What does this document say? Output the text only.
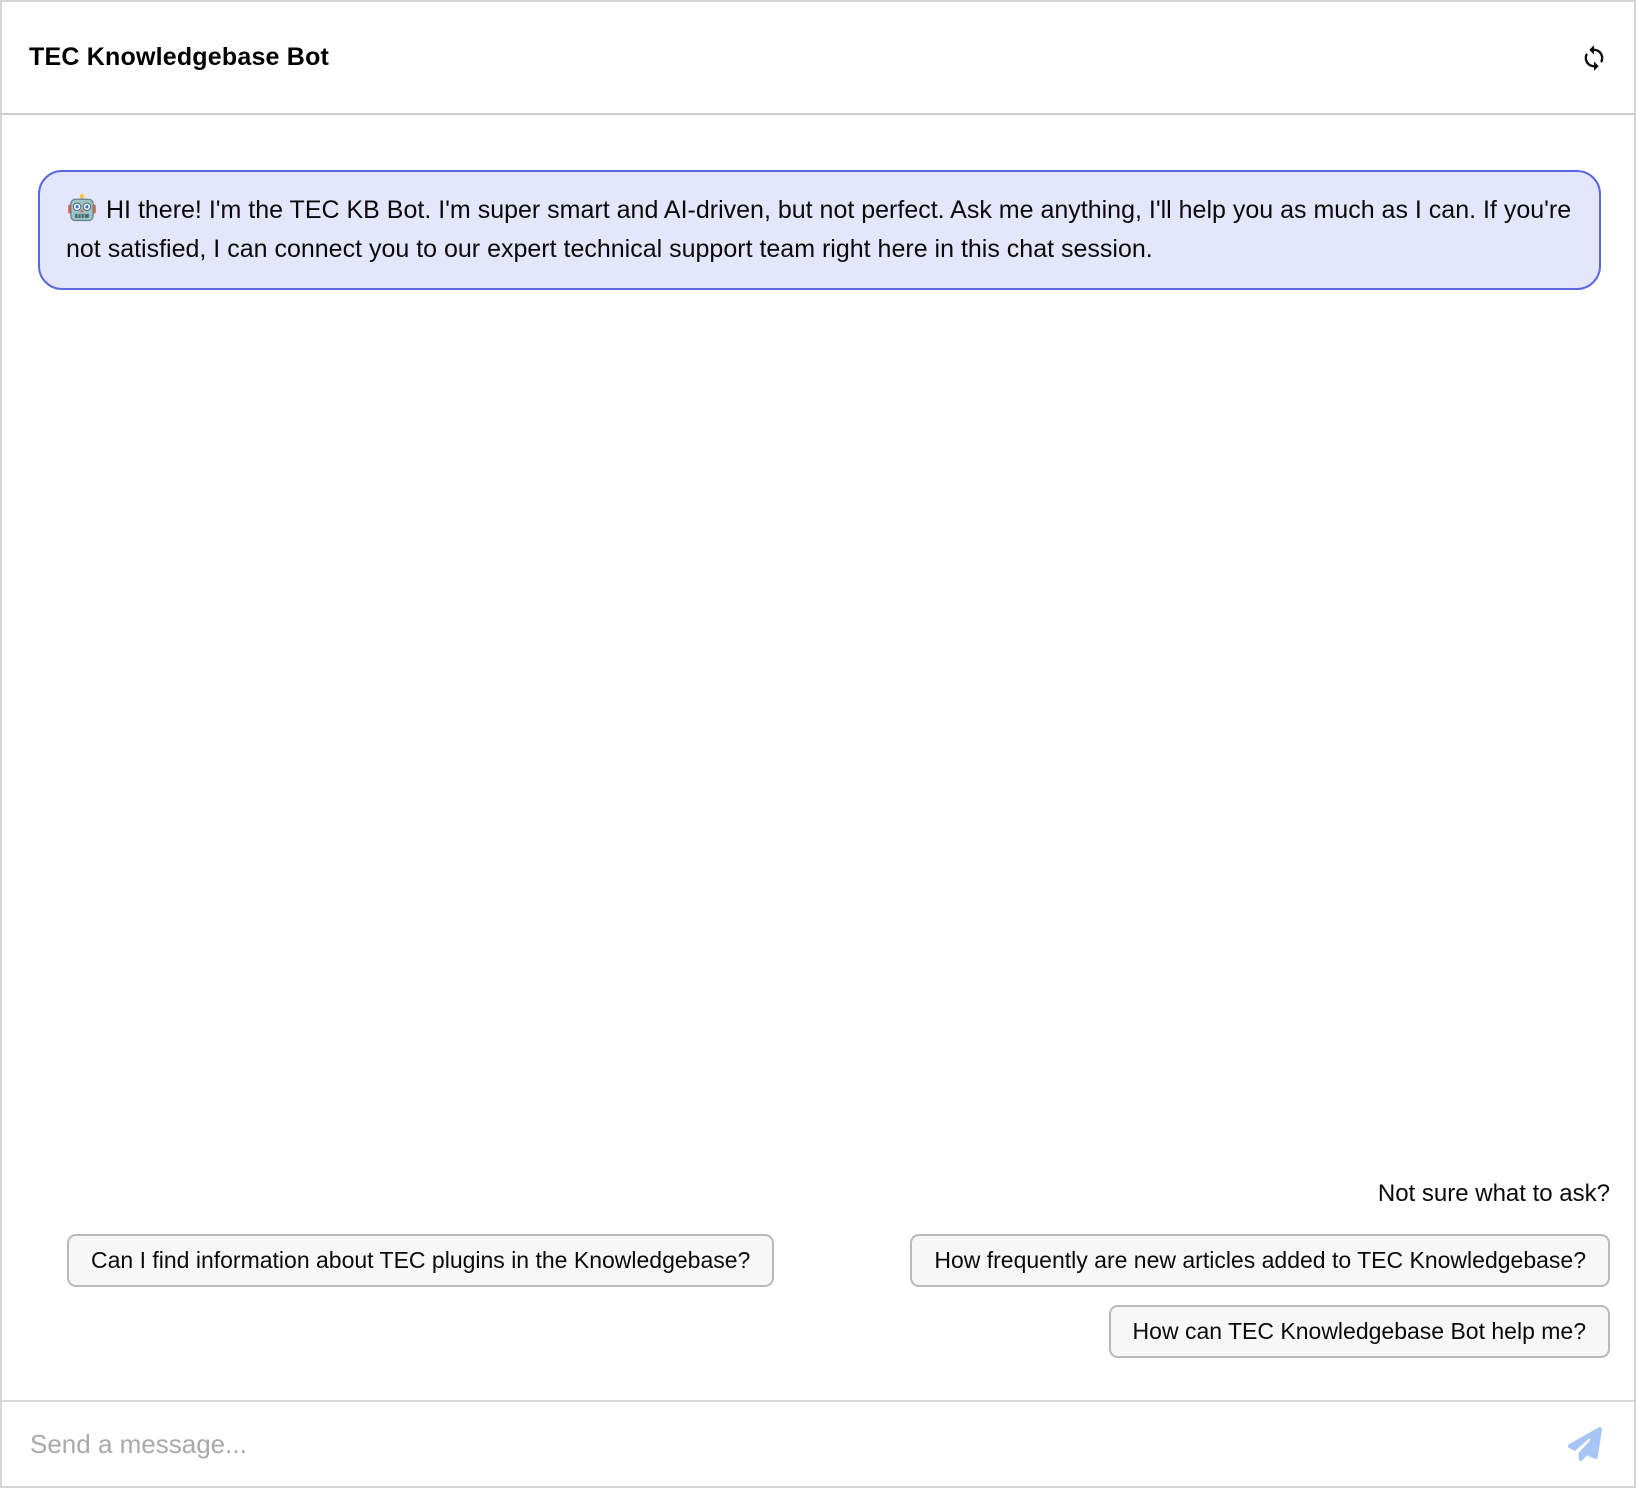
TEC Knowledgebase Bot
HI there! I'm the TEC KB Bot. I'm super smart and AI-driven, but not perfect. Ask me anything, I'll help you as much as I can. If you're not satisfied, I can connect you to our expert technical support team right here in this chat session.
Not sure what to ask?
Can I find information about TEC plugins in the Knowledgebase?	How frequently are new articles added to TEC Knowledgebase?
How can TEC Knowledgebase Bot help me?
Send a message...
